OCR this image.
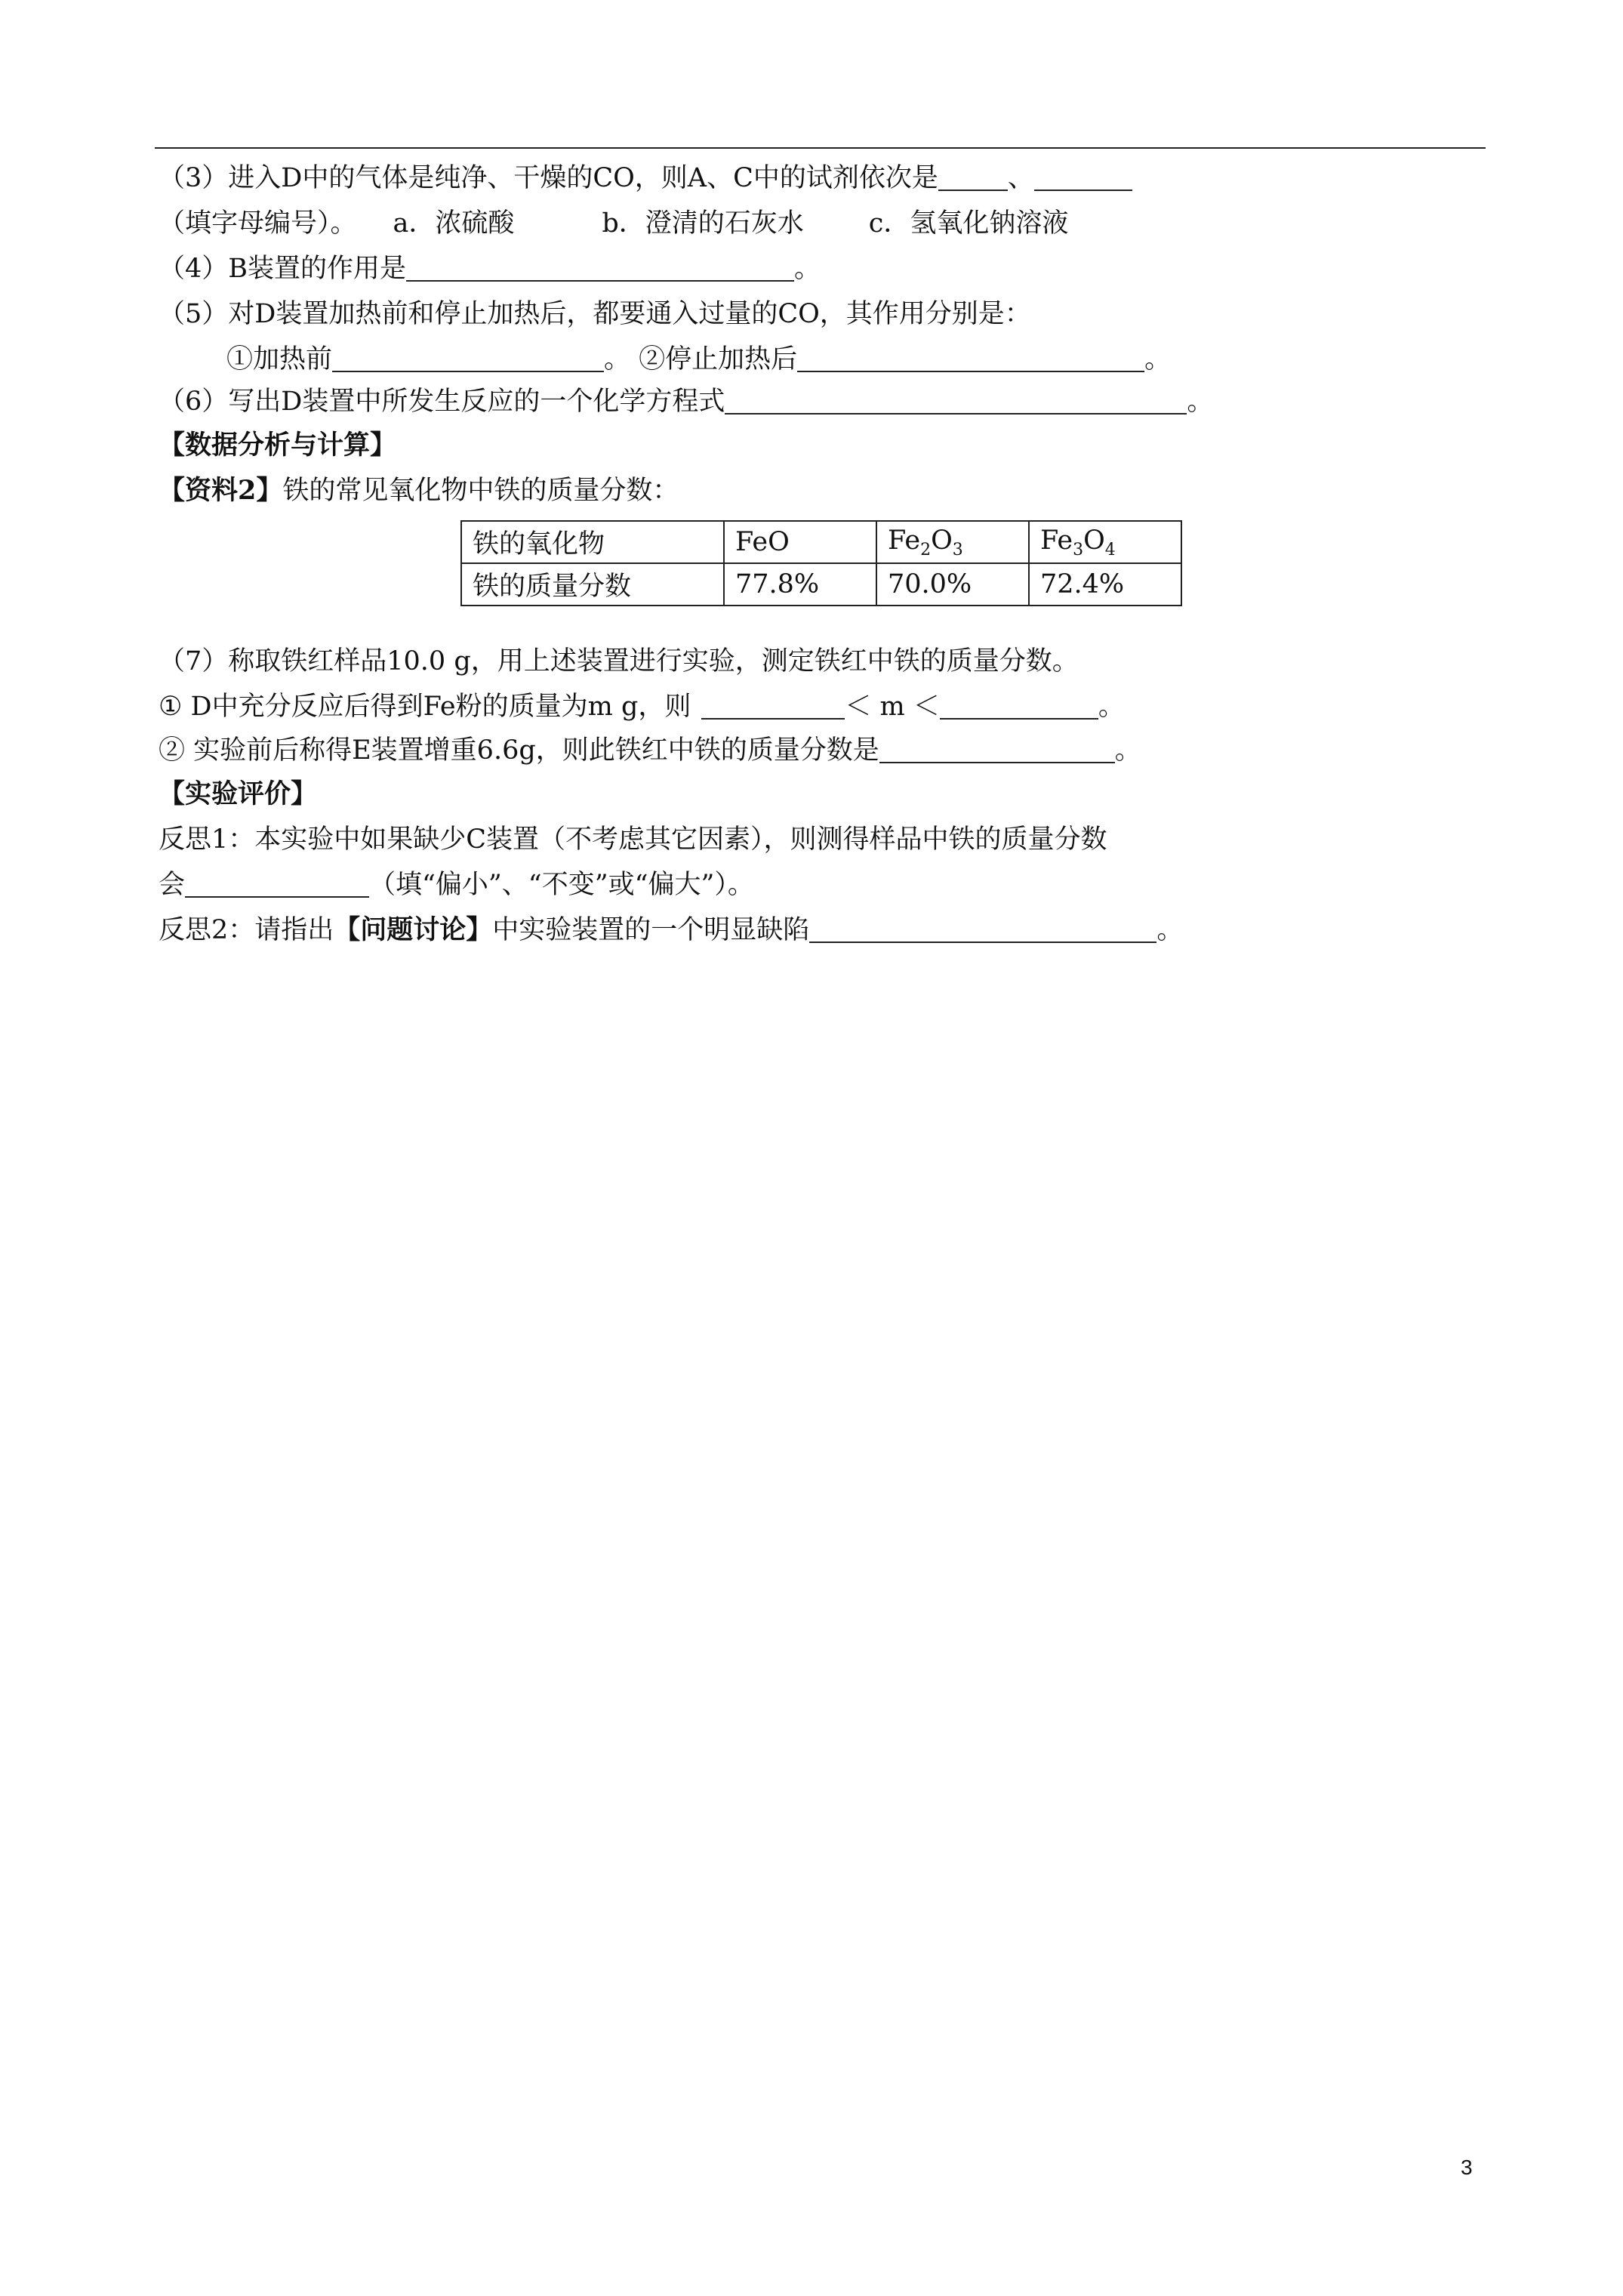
（3）进入D中的气体是纯净、干燥的CO，则A、C中的试剂依次是	、
（填字母编号）。 a．浓硫酸	b．澄清的石灰水 c．氢氧化钠溶液
（4）B装置的作用是	。
（5）对D装置加热前和停止加热后，都要通入过量的CO，其作用分别是：
①加热前	。 ②停止加热后	。
（6）写出D装置中所发生反应的一个化学方程式	。
【数据分析与计算】
【资料2】铁的常见氧化物中铁的质量分数：
铁的氧化物	FeO	$Fe_2O_3$	$Fe_3O_4$
铁的质量分数	77.8%	70.0%	72.4%
（7）称取铁红样品10.0 g，用上述装置进行实验，测定铁红中铁的质量分数。
① D中充分反应后得到Fe粉的质量为m g，则	＜ m ＜	。
② 实验前后称得E装置增重6.6g，则此铁红中铁的质量分数是	。
【实验评价】
反思1：本实验中如果缺少C装置（不考虑其它因素），则测得样品中铁的质量分数
会	（填“偏小”、“不变”或“偏大”）。
反思2：请指出【问题讨论】中实验装置的一个明显缺陷	。
3
